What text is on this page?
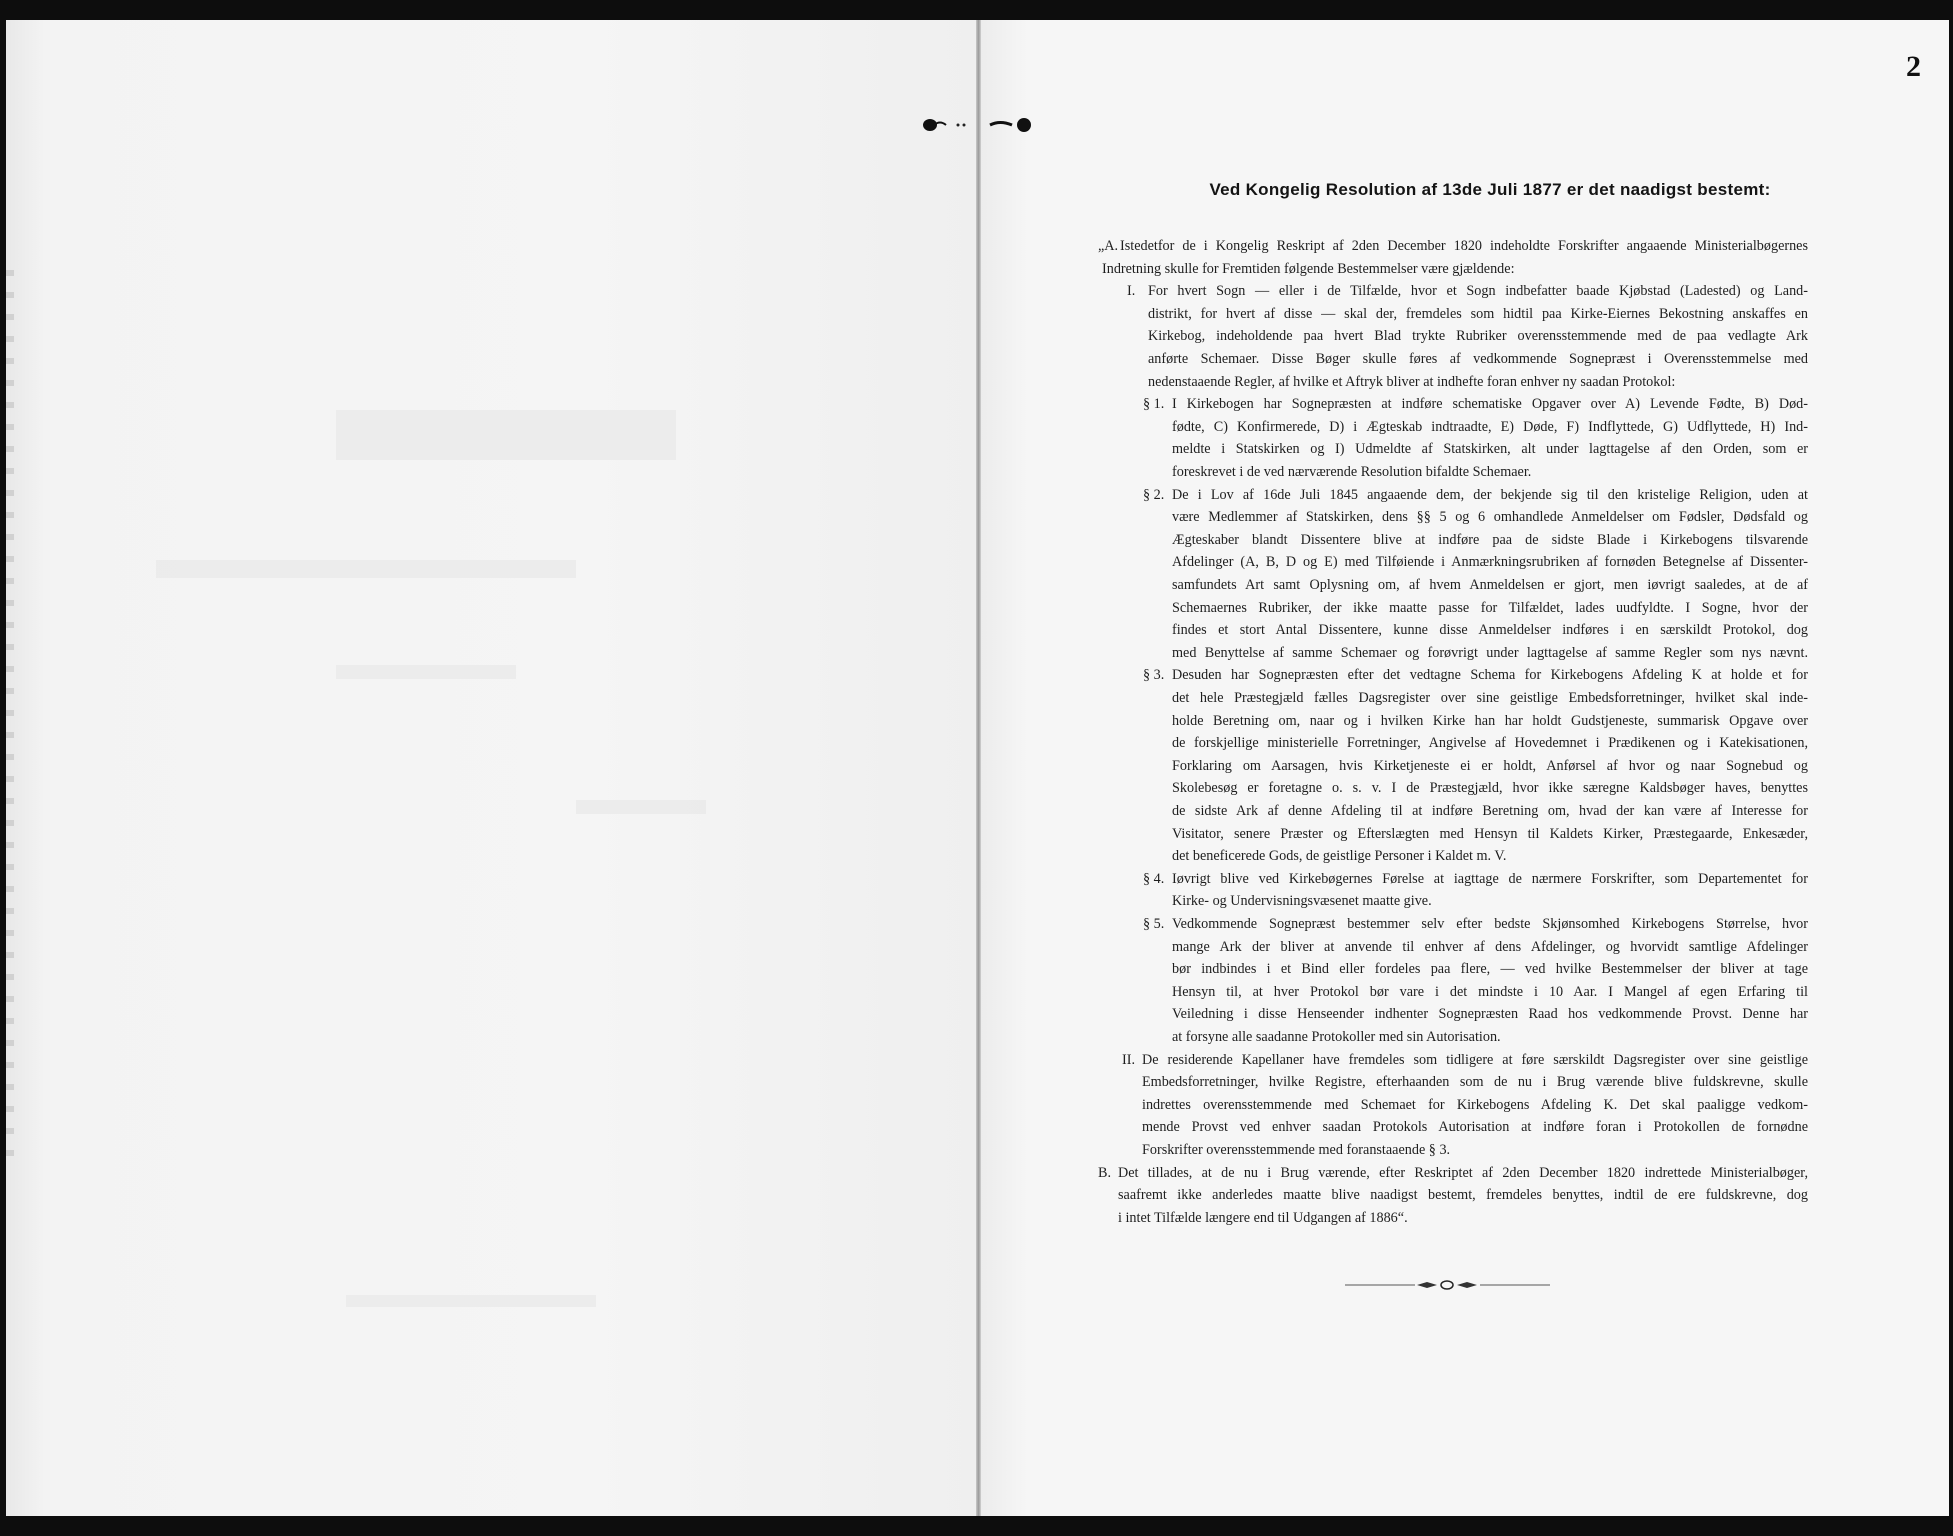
2
Ved Kongelig Resolution af 13de Juli 1877 er det naadigst bestemt:
„A. Istedetfor de i Kongelig Reskript af 2den December 1820 indeholdte Forskrifter angaaende Ministerialbøgernes
Indretning skulle for Fremtiden følgende Bestemmelser være gjældende:
I. For hvert Sogn — eller i de Tilfælde, hvor et Sogn indbefatter baade Kjøbstad (Ladested) og Land-
distrikt, for hvert af disse — skal der, fremdeles som hidtil paa Kirke-Eiernes Bekostning anskaffes en
Kirkebog, indeholdende paa hvert Blad trykte Rubriker overensstemmende med de paa vedlagte Ark
anførte Schemaer. Disse Bøger skulle føres af vedkommende Sognepræst i Overensstemmelse med
nedenstaaende Regler, af hvilke et Aftryk bliver at indhefte foran enhver ny saadan Protokol:
§ 1. I Kirkebogen har Sognepræsten at indføre schematiske Opgaver over A) Levende Fødte, B) Død-
fødte, C) Konfirmerede, D) i Ægteskab indtraadte, E) Døde, F) Indflyttede, G) Udflyttede, H) Ind-
meldte i Statskirken og I) Udmeldte af Statskirken, alt under lagttagelse af den Orden, som er
foreskrevet i de ved nærværende Resolution bifaldte Schemaer.
§ 2. De i Lov af 16de Juli 1845 angaaende dem, der bekjende sig til den kristelige Religion, uden at
være Medlemmer af Statskirken, dens §§ 5 og 6 omhandlede Anmeldelser om Fødsler, Dødsfald og
Ægteskaber blandt Dissentere blive at indføre paa de sidste Blade i Kirkebogens tilsvarende
Afdelinger (A, B, D og E) med Tilføiende i Anmærkningsrubriken af fornøden Betegnelse af Dissenter-
samfundets Art samt Oplysning om, af hvem Anmeldelsen er gjort, men iøvrigt saaledes, at de af
Schemaernes Rubriker, der ikke maatte passe for Tilfældet, lades uudfyldte. I Sogne, hvor der
findes et stort Antal Dissentere, kunne disse Anmeldelser indføres i en særskildt Protokol, dog
med Benyttelse af samme Schemaer og forøvrigt under lagttagelse af samme Regler som nys nævnt.
§ 3. Desuden har Sognepræsten efter det vedtagne Schema for Kirkebogens Afdeling K at holde et for
det hele Præstegjæld fælles Dagsregister over sine geistlige Embedsforretninger, hvilket skal inde-
holde Beretning om, naar og i hvilken Kirke han har holdt Gudstjeneste, summarisk Opgave over
de forskjellige ministerielle Forretninger, Angivelse af Hovedemnet i Prædikenen og i Katekisationen,
Forklaring om Aarsagen, hvis Kirketjeneste ei er holdt, Anførsel af hvor og naar Sognebud og
Skolebesøg er foretagne o. s. v. I de Præstegjæld, hvor ikke særegne Kaldsbøger haves, benyttes
de sidste Ark af denne Afdeling til at indføre Beretning om, hvad der kan være af Interesse for
Visitator, senere Præster og Efterslægten med Hensyn til Kaldets Kirker, Præstegaarde, Enkesæder,
det beneficerede Gods, de geistlige Personer i Kaldet m. V.
§ 4. Iøvrigt blive ved Kirkebøgernes Førelse at iagttage de nærmere Forskrifter, som Departementet for
Kirke- og Undervisningsvæsenet maatte give.
§ 5. Vedkommende Sognepræst bestemmer selv efter bedste Skjønsomhed Kirkebogens Størrelse, hvor
mange Ark der bliver at anvende til enhver af dens Afdelinger, og hvorvidt samtlige Afdelinger
bør indbindes i et Bind eller fordeles paa flere, — ved hvilke Bestemmelser der bliver at tage
Hensyn til, at hver Protokol bør vare i det mindste i 10 Aar. I Mangel af egen Erfaring til
Veiledning i disse Henseender indhenter Sognepræsten Raad hos vedkommende Provst. Denne har
at forsyne alle saadanne Protokoller med sin Autorisation.
II. De residerende Kapellaner have fremdeles som tidligere at føre særskildt Dagsregister over sine geistlige
Embedsforretninger, hvilke Registre, efterhaanden som de nu i Brug værende blive fuldskrevne, skulle
indrettes overensstemmende med Schemaet for Kirkebogens Afdeling K. Det skal paaligge vedkom-
mende Provst ved enhver saadan Protokols Autorisation at indføre foran i Protokollen de fornødne
Forskrifter overensstemmende med foranstaaende § 3.
B. Det tillades, at de nu i Brug værende, efter Reskriptet af 2den December 1820 indrettede Ministerialbøger,
saafremt ikke anderledes maatte blive naadigst bestemt, fremdeles benyttes, indtil de ere fuldskrevne, dog
i intet Tilfælde længere end til Udgangen af 1886“.
